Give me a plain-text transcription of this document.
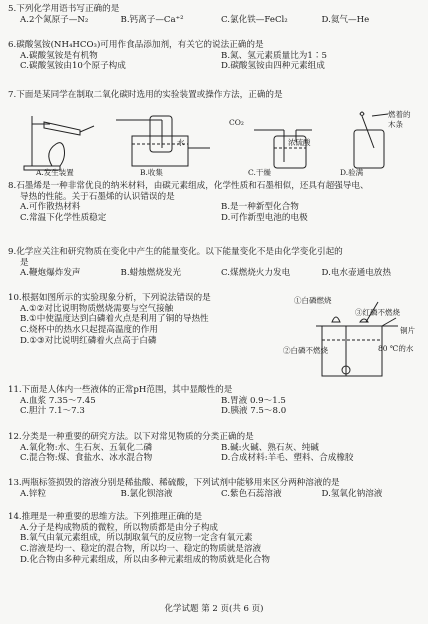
5.下列化学用语书写正确的是
A.2个氮原子—N₂	B.钙离子—Ca⁺²	C.氯化铁—FeCl₂	D.氦气—He
6.碳酸氢铵(NH₄HCO₃)可用作食品添加剂，有关它的说法正确的是
A.碳酸氢铵是有机物	B.氮、氢元素质量比为1∶5
C.碳酸氢铵由10个原子构成	D.碳酸氢铵由四种元素组成
7.下面是某同学在制取二氧化碳时选用的实验装置或操作方法，正确的是
水
CO₂
浓硫酸
燃着的
木条
A.发生装置	B.收集	C.干燥	D.验满
8.石墨烯是一种非常优良的纳米材料，由碳元素组成，化学性质和石墨相似，还具有超强导电、
导热的性能。关于石墨烯的认识错误的是
A.可作散热材料	B.是一种新型化合物
C.常温下化学性质稳定	D.可作新型电池的电极
9.化学应关注和研究物质在变化中产生的能量变化。以下能量变化不是由化学变化引起的
是
A.鞭炮爆炸发声	B.蜡烛燃烧发光	C.煤燃烧火力发电	D.电水壶通电放热
10.根据如图所示的实验现象分析，下列说法错误的是
A.①②对比说明物质燃烧需要与空气接触
B.①中使温度达到白磷着火点是利用了铜的导热性
C.烧杯中的热水只起提高温度的作用
D.①③对比说明红磷着火点高于白磷
①白磷燃烧
③红磷不燃烧
铜片
②白磷不燃烧	80 ℃的水
11.下面是人体内一些液体的正常pH范围，其中显酸性的是
A.血浆 7.35～7.45	B.胃液 0.9～1.5
C.胆汁 7.1～7.3	D.胰液 7.5～8.0
12.分类是一种重要的研究方法。以下对常见物质的分类正确的是
A.氧化物:水、生石灰、五氧化二磷	B.碱:火碱、熟石灰、纯碱
C.混合物:煤、食盐水、冰水混合物	D.合成材料:羊毛、塑料、合成橡胶
13.两瓶标签损毁的溶液分别是稀盐酸、稀硫酸，下列试剂中能够用来区分两种溶液的是
A.锌粒	B.氯化钡溶液	C.紫色石蕊溶液	D.氢氧化钠溶液
14.推理是一种重要的思维方法。下列推理正确的是
A.分子是构成物质的微粒，所以物质都是由分子构成
B.氧气由氧元素组成，所以制取氧气的反应物一定含有氧元素
C.溶液是均一、稳定的混合物，所以均一、稳定的物质就是溶液
D.化合物由多种元素组成，所以由多种元素组成的物质就是化合物
化学试题 第 2 页(共 6 页)
